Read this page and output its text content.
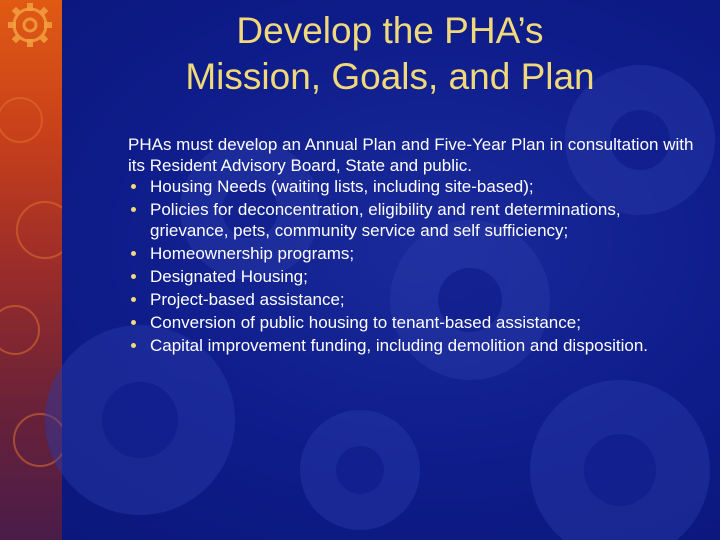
Develop the PHA’s
Mission, Goals, and Plan

PHAs must develop an Annual Plan and Five-Year Plan in consultation with its Resident Advisory Board, State and public.

Housing Needs (waiting lists, including site-based);
Policies for deconcentration, eligibility and rent determinations, grievance, pets, community service and self sufficiency;
Homeownership programs;
Designated Housing;
Project-based assistance;
Conversion of public housing to tenant-based assistance;
Capital improvement funding, including demolition and disposition.
